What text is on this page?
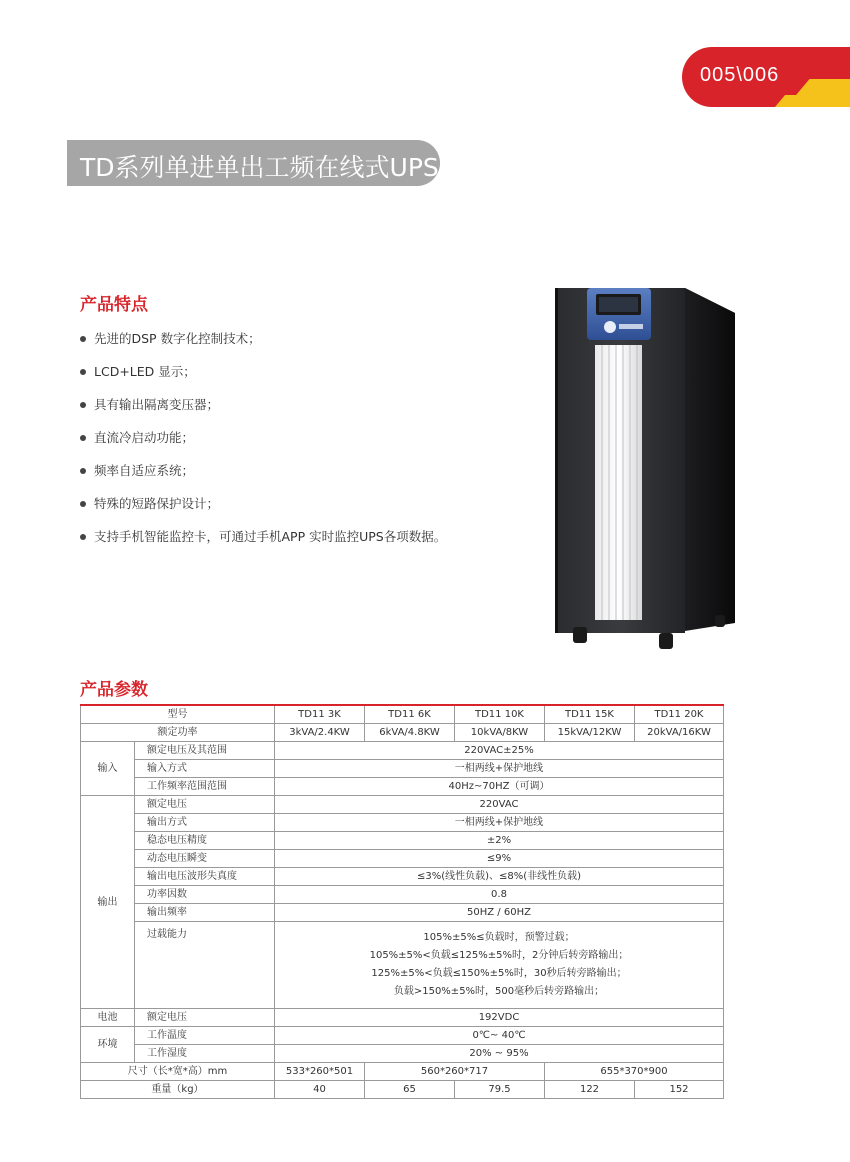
005\006
TD系列单进单出工频在线式UPS
产品特点
先进的DSP 数字化控制技术；
LCD+LED 显示；
具有输出隔离变压器；
直流冷启动功能；
频率自适应系统；
特殊的短路保护设计；
支持手机智能监控卡，可通过手机APP 实时监控UPS各项数据。
产品参数
型号		TD11 3K	TD11 6K	TD11 10K	TD11 15K	TD11 20K
额定功率		3kVA/2.4KW	6kVA/4.8KW	10kVA/8KW	15kVA/12KW	20kVA/16KW
输入	额定电压及其范围	220VAC±25%				
	输入方式	一相两线+保护地线				
	工作频率范围范围	40Hz~70HZ（可调）				
输出	额定电压	220VAC				
	输出方式	一相两线+保护地线				
	稳态电压精度	±2%				
	动态电压瞬变	≤9%				
	输出电压波形失真度	≤3%(线性负载)、≤8%(非线性负载)				
	功率因数	0.8				
	输出频率	50HZ / 60HZ				
	过载能力	105%±5%≤负载时，预警过载；
105%±5%<负载≤125%±5%时，2分钟后转旁路输出；
125%±5%<负载≤150%±5%时，30秒后转旁路输出；
负载>150%±5%时，500毫秒后转旁路输出；				

电池	额定电压	192VDC				
环境	工作温度	0℃~ 40℃				
	工作湿度	20% ~ 95%				
尺寸（长*宽*高）mm		533*260*501	560*260*717		655*370*900	
重量（kg）		40	65	79.5	122	152
